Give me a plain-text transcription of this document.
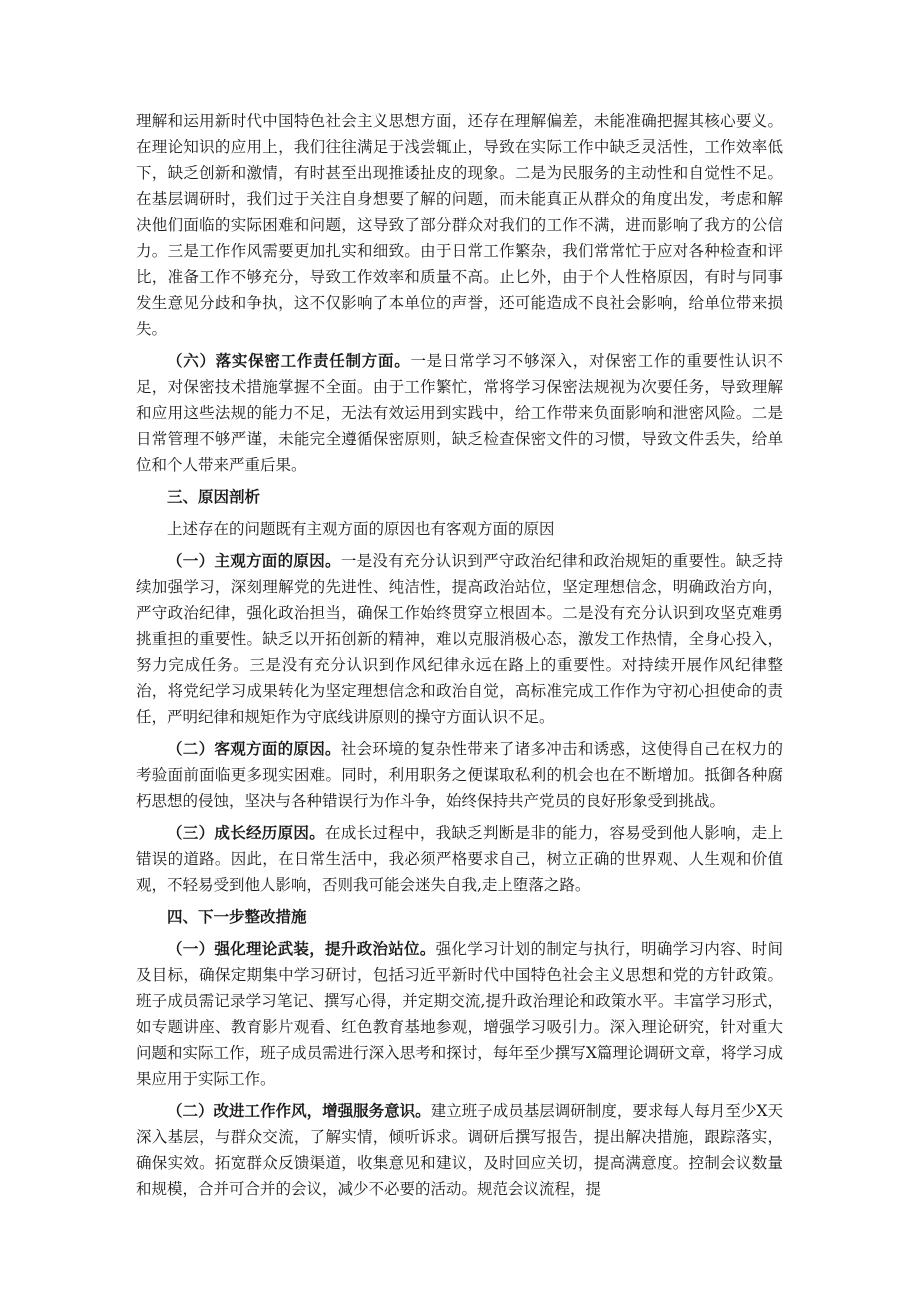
理解和运用新时代中国特色社会主义思想方面，还存在理解偏差，未能准确把握其核心要义。在理论知识的应用上，我们往往满足于浅尝辄止，导致在实际工作中缺乏灵活性，工作效率低下，缺乏创新和激情，有时甚至出现推诿扯皮的现象。二是为民服务的主动性和自觉性不足。在基层调研时，我们过于关注自身想要了解的问题，而未能真正从群众的角度出发，考虑和解决他们面临的实际困难和问题，这导致了部分群众对我们的工作不满，进而影响了我方的公信力。三是工作作风需要更加扎实和细致。由于日常工作繁杂，我们常常忙于应对各种检查和评比，准备工作不够充分，导致工作效率和质量不高。止匕外，由于个人性格原因，有时与同事发生意见分歧和争执，这不仅影响了本单位的声誉，还可能造成不良社会影响，给单位带来损失。

（六）落实保密工作责任制方面。一是日常学习不够深入，对保密工作的重要性认识不足，对保密技术措施掌握不全面。由于工作繁忙，常将学习保密法规视为次要任务，导致理解和应用这些法规的能力不足，无法有效运用到实践中，给工作带来负面影响和泄密风险。二是日常管理不够严谨，未能完全遵循保密原则，缺乏检查保密文件的习惯，导致文件丢失，给单位和个人带来严重后果。

三、原因剖析

上述存在的问题既有主观方面的原因也有客观方面的原因

（一）主观方面的原因。一是没有充分认识到严守政治纪律和政治规矩的重要性。缺乏持续加强学习，深刻理解党的先进性、纯洁性，提高政治站位，坚定理想信念，明确政治方向，严守政治纪律，强化政治担当，确保工作始终贯穿立根固本。二是没有充分认识到攻坚克难勇挑重担的重要性。缺乏以开拓创新的精神，难以克服消极心态，激发工作热情，全身心投入，努力完成任务。三是没有充分认识到作风纪律永远在路上的重要性。对持续开展作风纪律整治，将党纪学习成果转化为坚定理想信念和政治自觉，高标准完成工作作为守初心担使命的责任，严明纪律和规矩作为守底线讲原则的操守方面认识不足。

（二）客观方面的原因。社会环境的复杂性带来了诸多冲击和诱惑，这使得自己在权力的考验面前面临更多现实困难。同时，利用职务之便谋取私利的机会也在不断增加。抵御各种腐朽思想的侵蚀，坚决与各种错误行为作斗争，始终保持共产党员的良好形象受到挑战。

（三）成长经历原因。在成长过程中，我缺乏判断是非的能力，容易受到他人影响，走上错误的道路。因此，在日常生活中，我必须严格要求自己，树立正确的世界观、人生观和价值观，不轻易受到他人影响，否则我可能会迷失自我,走上堕落之路。

四、下一步整改措施

（一）强化理论武装，提升政治站位。强化学习计划的制定与执行，明确学习内容、时间及目标，确保定期集中学习研讨，包括习近平新时代中国特色社会主义思想和党的方针政策。班子成员需记录学习笔记、撰写心得，并定期交流,提升政治理论和政策水平。丰富学习形式，如专题讲座、教育影片观看、红色教育基地参观，增强学习吸引力。深入理论研究，针对重大问题和实际工作，班子成员需进行深入思考和探讨，每年至少撰写X篇理论调研文章，将学习成果应用于实际工作。

（二）改进工作作风，增强服务意识。建立班子成员基层调研制度，要求每人每月至少X天深入基层，与群众交流，了解实情，倾听诉求。调研后撰写报告，提出解决措施，跟踪落实，确保实效。拓宽群众反馈渠道，收集意见和建议，及时回应关切，提高满意度。控制会议数量和规模，合并可合并的会议，减少不必要的活动。规范会议流程，提
